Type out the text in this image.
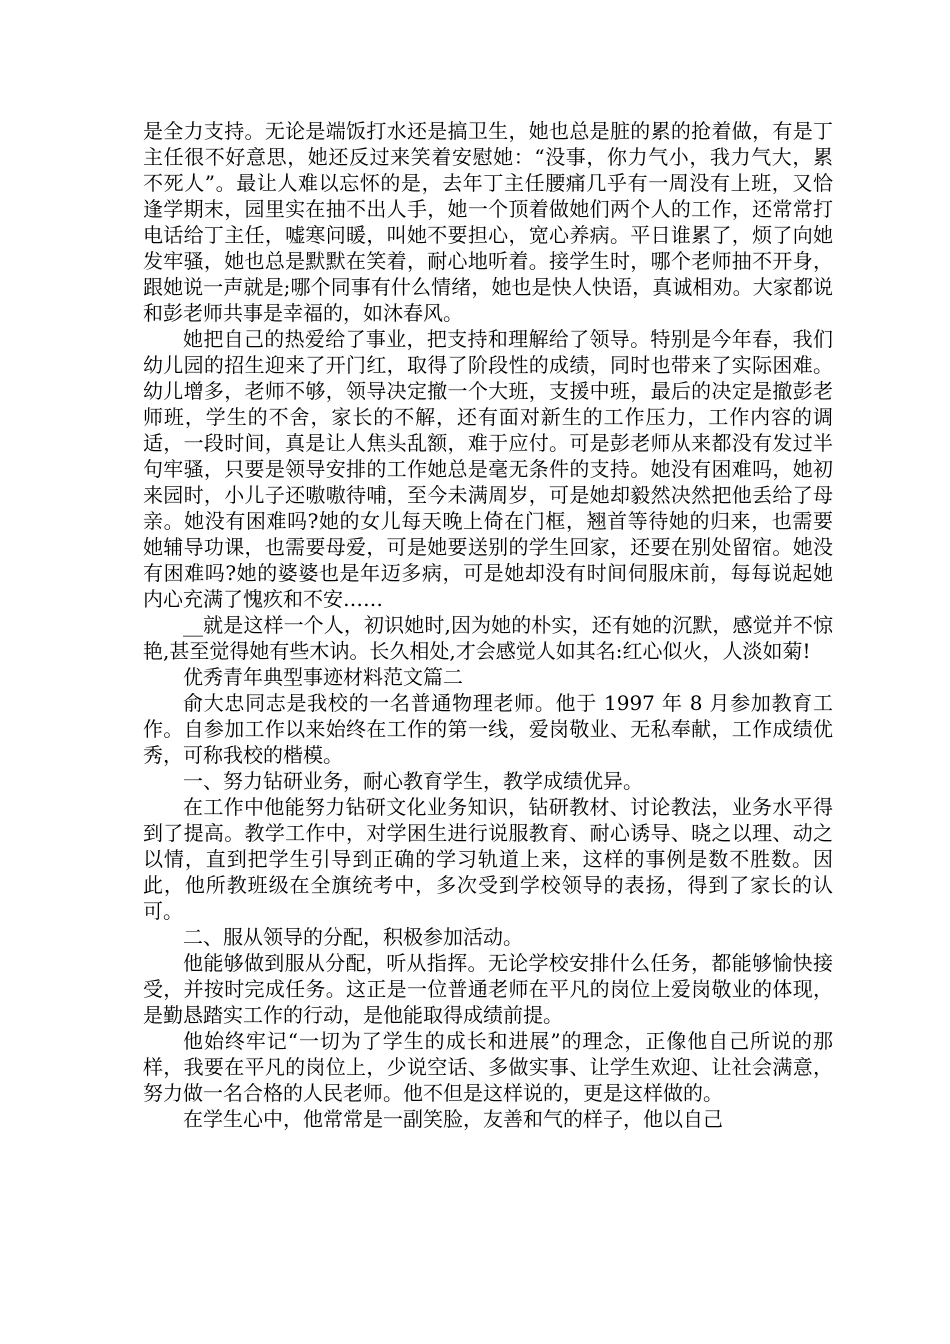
是全力支持。无论是端饭打水还是搞卫生，她也总是脏的累的抢着做，有是丁主任很不好意思，她还反过来笑着安慰她：“没事，你力气小，我力气大，累不死人”。最让人难以忘怀的是，去年丁主任腰痛几乎有一周没有上班，又恰逢学期末，园里实在抽不出人手，她一个顶着做她们两个人的工作，还常常打电话给丁主任，嘘寒问暖，叫她不要担心，宽心养病。平日谁累了，烦了向她发牢骚，她也总是默默在笑着，耐心地听着。接学生时，哪个老师抽不开身，跟她说一声就是;哪个同事有什么情绪，她也是快人快语，真诚相劝。大家都说和彭老师共事是幸福的，如沐春风。

她把自己的热爱给了事业，把支持和理解给了领导。特别是今年春，我们幼儿园的招生迎来了开门红，取得了阶段性的成绩，同时也带来了实际困难。幼儿增多，老师不够，领导决定撤一个大班，支援中班，最后的决定是撤彭老师班，学生的不舍，家长的不解，还有面对新生的工作压力，工作内容的调适，一段时间，真是让人焦头乱额，难于应付。可是彭老师从来都没有发过半句牢骚，只要是领导安排的工作她总是毫无条件的支持。她没有困难吗，她初来园时，小儿子还嗷嗷待哺，至今未满周岁，可是她却毅然决然把他丢给了母亲。她没有困难吗?她的女儿每天晚上倚在门框，翘首等待她的归来，也需要她辅导功课，也需要母爱，可是她要送别的学生回家，还要在别处留宿。她没有困难吗?她的婆婆也是年迈多病，可是她却没有时间伺服床前，每每说起她内心充满了愧疚和不安……

__就是这样一个人，初识她时,因为她的朴实，还有她的沉默，感觉并不惊艳,甚至觉得她有些木讷。长久相处,才会感觉人如其名:红心似火，人淡如菊!

优秀青年典型事迹材料范文篇二

俞大忠同志是我校的一名普通物理老师。他于 1997 年 8 月参加教育工作。自参加工作以来始终在工作的第一线，爱岗敬业、无私奉献，工作成绩优秀，可称我校的楷模。

一、努力钻研业务，耐心教育学生，教学成绩优异。

在工作中他能努力钻研文化业务知识，钻研教材、讨论教法，业务水平得到了提高。教学工作中，对学困生进行说服教育、耐心诱导、晓之以理、动之以情，直到把学生引导到正确的学习轨道上来，这样的事例是数不胜数。因此，他所教班级在全旗统考中，多次受到学校领导的表扬，得到了家长的认可。

二、服从领导的分配，积极参加活动。

他能够做到服从分配，听从指挥。无论学校安排什么任务，都能够愉快接受，并按时完成任务。这正是一位普通老师在平凡的岗位上爱岗敬业的体现，是勤恳踏实工作的行动，是他能取得成绩前提。

他始终牢记“一切为了学生的成长和进展”的理念，正像他自己所说的那样，我要在平凡的岗位上，少说空话、多做实事、让学生欢迎、让社会满意，努力做一名合格的人民老师。他不但是这样说的，更是这样做的。

在学生心中，他常常是一副笑脸，友善和气的样子，他以自己
